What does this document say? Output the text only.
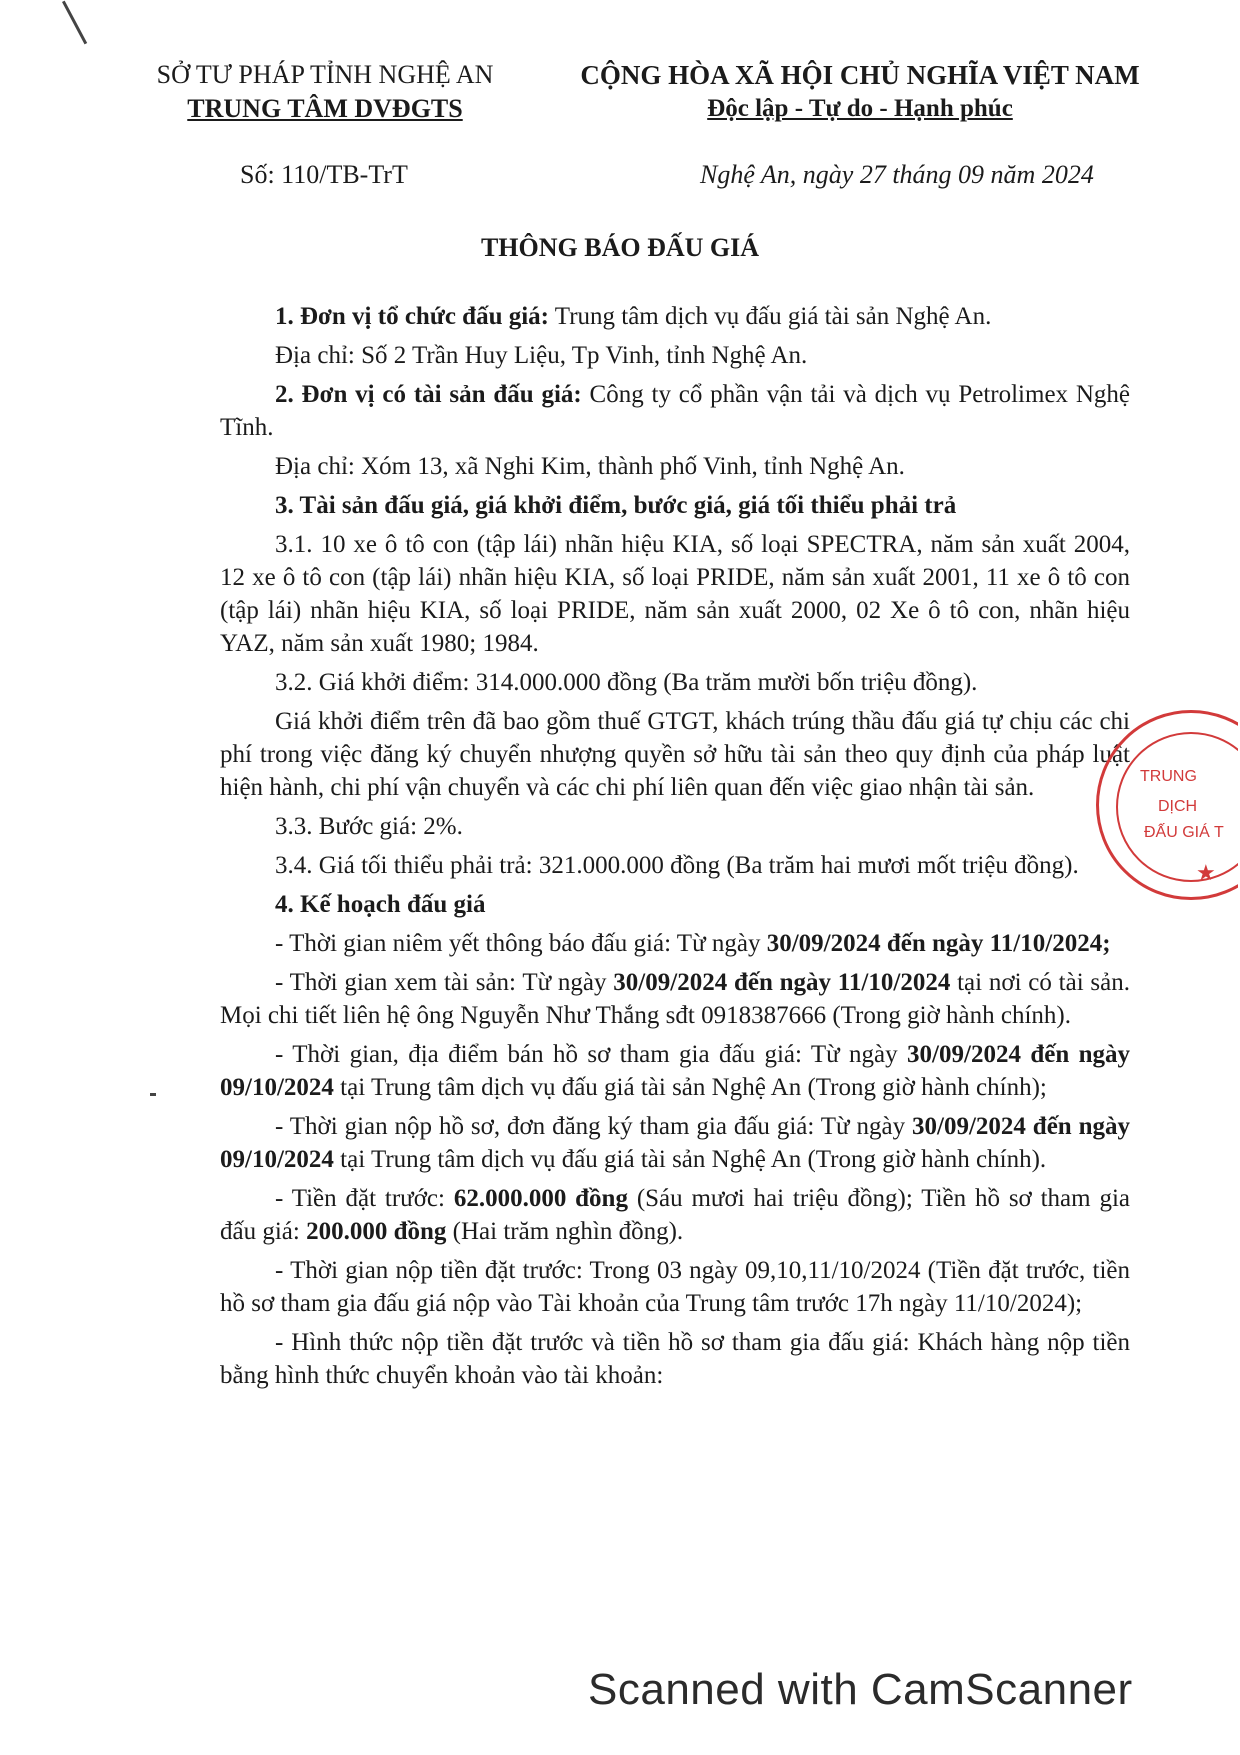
SỞ TƯ PHÁP TỈNH NGHỆ AN
TRUNG TÂM DVĐGTS
CỘNG HÒA XÃ HỘI CHỦ NGHĨA VIỆT NAM
Độc lập - Tự do - Hạnh phúc
Số: 110/TB-TrT	Nghệ An, ngày 27 tháng 09 năm 2024
THÔNG BÁO ĐẤU GIÁ

1. Đơn vị tổ chức đấu giá: Trung tâm dịch vụ đấu giá tài sản Nghệ An.

Địa chỉ: Số 2 Trần Huy Liệu, Tp Vinh, tỉnh Nghệ An.

2. Đơn vị có tài sản đấu giá: Công ty cổ phần vận tải và dịch vụ Petrolimex Nghệ Tĩnh.

Địa chỉ: Xóm 13, xã Nghi Kim, thành phố Vinh, tỉnh Nghệ An.

3. Tài sản đấu giá, giá khởi điểm, bước giá, giá tối thiểu phải trả

3.1. 10 xe ô tô con (tập lái) nhãn hiệu KIA, số loại SPECTRA, năm sản xuất 2004, 12 xe ô tô con (tập lái) nhãn hiệu KIA, số loại PRIDE, năm sản xuất 2001, 11 xe ô tô con (tập lái) nhãn hiệu KIA, số loại PRIDE, năm sản xuất 2000, 02 Xe ô tô con, nhãn hiệu YAZ, năm sản xuất 1980; 1984.

3.2. Giá khởi điểm: 314.000.000 đồng (Ba trăm mười bốn triệu đồng).

Giá khởi điểm trên đã bao gồm thuế GTGT, khách trúng thầu đấu giá tự chịu các chi phí trong việc đăng ký chuyển nhượng quyền sở hữu tài sản theo quy định của pháp luật hiện hành, chi phí vận chuyển và các chi phí liên quan đến việc giao nhận tài sản.

3.3. Bước giá: 2%.

3.4. Giá tối thiểu phải trả: 321.000.000 đồng (Ba trăm hai mươi mốt triệu đồng).

4. Kế hoạch đấu giá

- Thời gian niêm yết thông báo đấu giá: Từ ngày 30/09/2024 đến ngày 11/10/2024;

- Thời gian xem tài sản: Từ ngày 30/09/2024 đến ngày 11/10/2024 tại nơi có tài sản. Mọi chi tiết liên hệ ông Nguyễn Như Thắng sđt 0918387666 (Trong giờ hành chính).

- Thời gian, địa điểm bán hồ sơ tham gia đấu giá: Từ ngày 30/09/2024 đến ngày 09/10/2024 tại Trung tâm dịch vụ đấu giá tài sản Nghệ An (Trong giờ hành chính);

- Thời gian nộp hồ sơ, đơn đăng ký tham gia đấu giá: Từ ngày 30/09/2024 đến ngày 09/10/2024 tại Trung tâm dịch vụ đấu giá tài sản Nghệ An (Trong giờ hành chính).

- Tiền đặt trước: 62.000.000 đồng (Sáu mươi hai triệu đồng); Tiền hồ sơ tham gia đấu giá: 200.000 đồng (Hai trăm nghìn đồng).

- Thời gian nộp tiền đặt trước: Trong 03 ngày 09,10,11/10/2024 (Tiền đặt trước, tiền hồ sơ tham gia đấu giá nộp vào Tài khoản của Trung tâm trước 17h ngày 11/10/2024);

- Hình thức nộp tiền đặt trước và tiền hồ sơ tham gia đấu giá: Khách hàng nộp tiền bằng hình thức chuyển khoản vào tài khoản:

TRUNG
DỊCH
ĐẤU GIÁ T
★
Scanned with CamScanner
